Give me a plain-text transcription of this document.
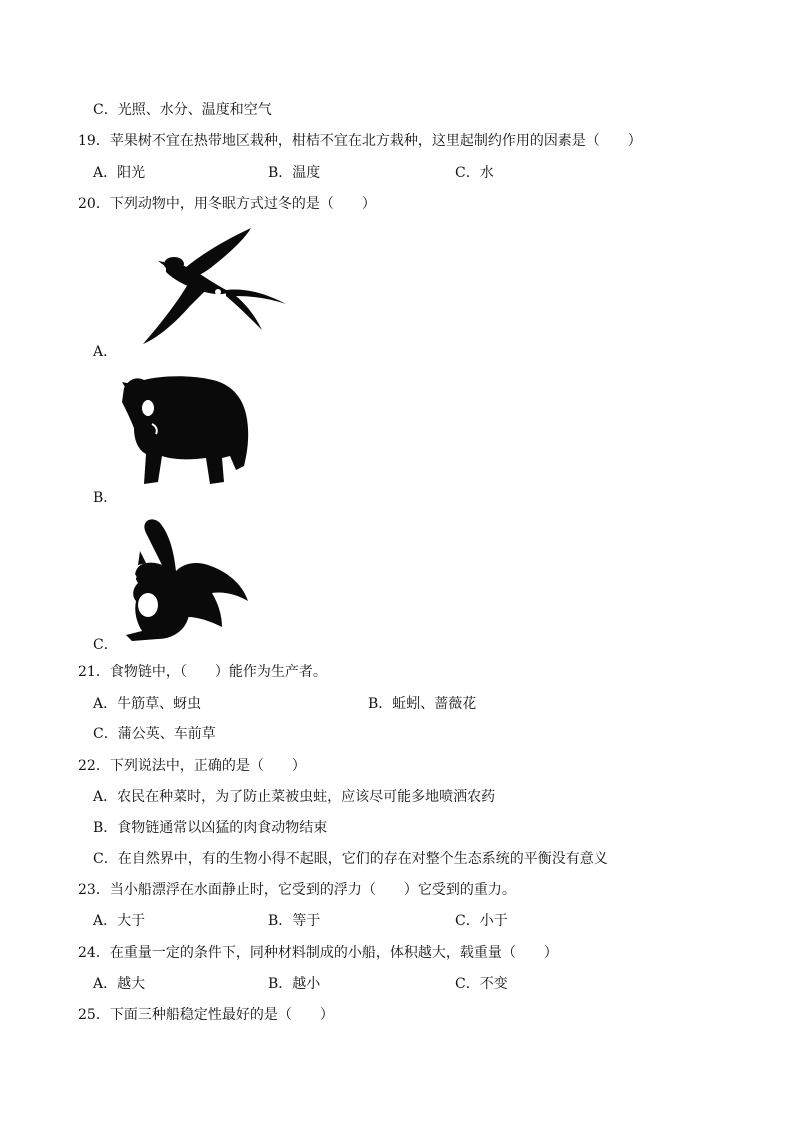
C．光照、水分、温度和空气
19．苹果树不宜在热带地区栽种，柑桔不宜在北方栽种，这里起制约作用的因素是（　　）
A．阳光	B．温度	C．水
20．下列动物中，用冬眠方式过冬的是（　　）
A．
B．
C．
21．食物链中，（　　）能作为生产者。
A．牛筋草、蚜虫	B．蚯蚓、蔷薇花
C．蒲公英、车前草
22．下列说法中，正确的是（　　）
A．农民在种菜时，为了防止菜被虫蛀，应该尽可能多地喷洒农药
B．食物链通常以凶猛的肉食动物结束
C．在自然界中，有的生物小得不起眼，它们的存在对整个生态系统的平衡没有意义
23．当小船漂浮在水面静止时，它受到的浮力（　　）它受到的重力。
A．大于	B．等于	C．小于
24．在重量一定的条件下，同种材料制成的小船，体积越大，载重量（　　）
A．越大	B．越小	C．不变
25．下面三种船稳定性最好的是（　　）
